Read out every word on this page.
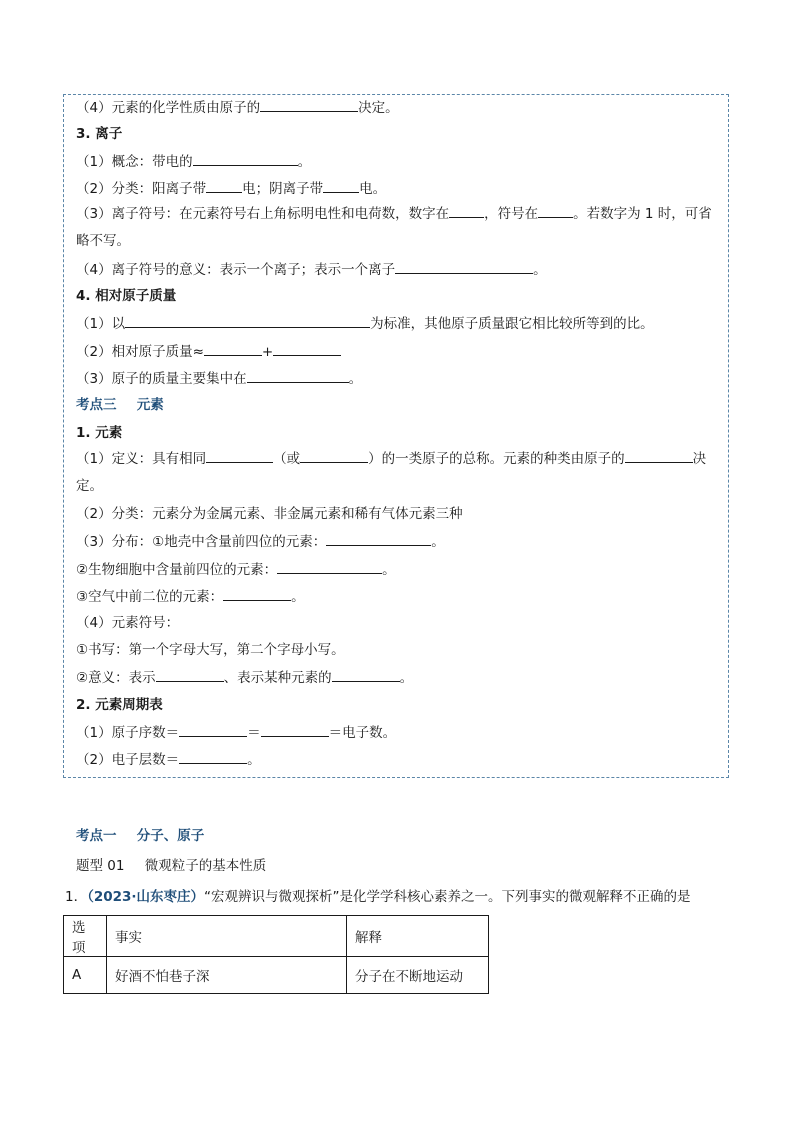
（4）元素的化学性质由原子的	决定。
3. 离子
（1）概念：带电的	。
（2）分类：阳离子带	电；阴离子带	电。
（3）离子符号：在元素符号右上角标明电性和电荷数，数字在	，符号在	。若数字为 1 时，可省略不写。
（4）离子符号的意义：表示一个离子；表示一个离子	。
4. 相对原子质量
（1）以	为标准，其他原子质量跟它相比较所等到的比。
（2）相对原子质量≈	+
（3）原子的质量主要集中在	。
考点三 元素
1. 元素
（1）定义：具有相同	（或	）的一类原子的总称。元素的种类由原子的	决定。
（2）分类：元素分为金属元素、非金属元素和稀有气体元素三种
（3）分布：①地壳中含量前四位的元素：	。
②生物细胞中含量前四位的元素：	。
③空气中前二位的元素：	。
（4）元素符号：
①书写：第一个字母大写，第二个字母小写。
②意义：表示	、表示某种元素的	。
2. 元素周期表
（1）原子序数＝	＝	＝电子数。
（2）电子层数＝	。
考点一 分子、原子
题型 01 微观粒子的基本性质
1．（2023·山东枣庄）“宏观辨识与微观探析”是化学学科核心素养之一。下列事实的微观解释不正确的是
选项	事实	解释
A	好酒不怕巷子深	分子在不断地运动
